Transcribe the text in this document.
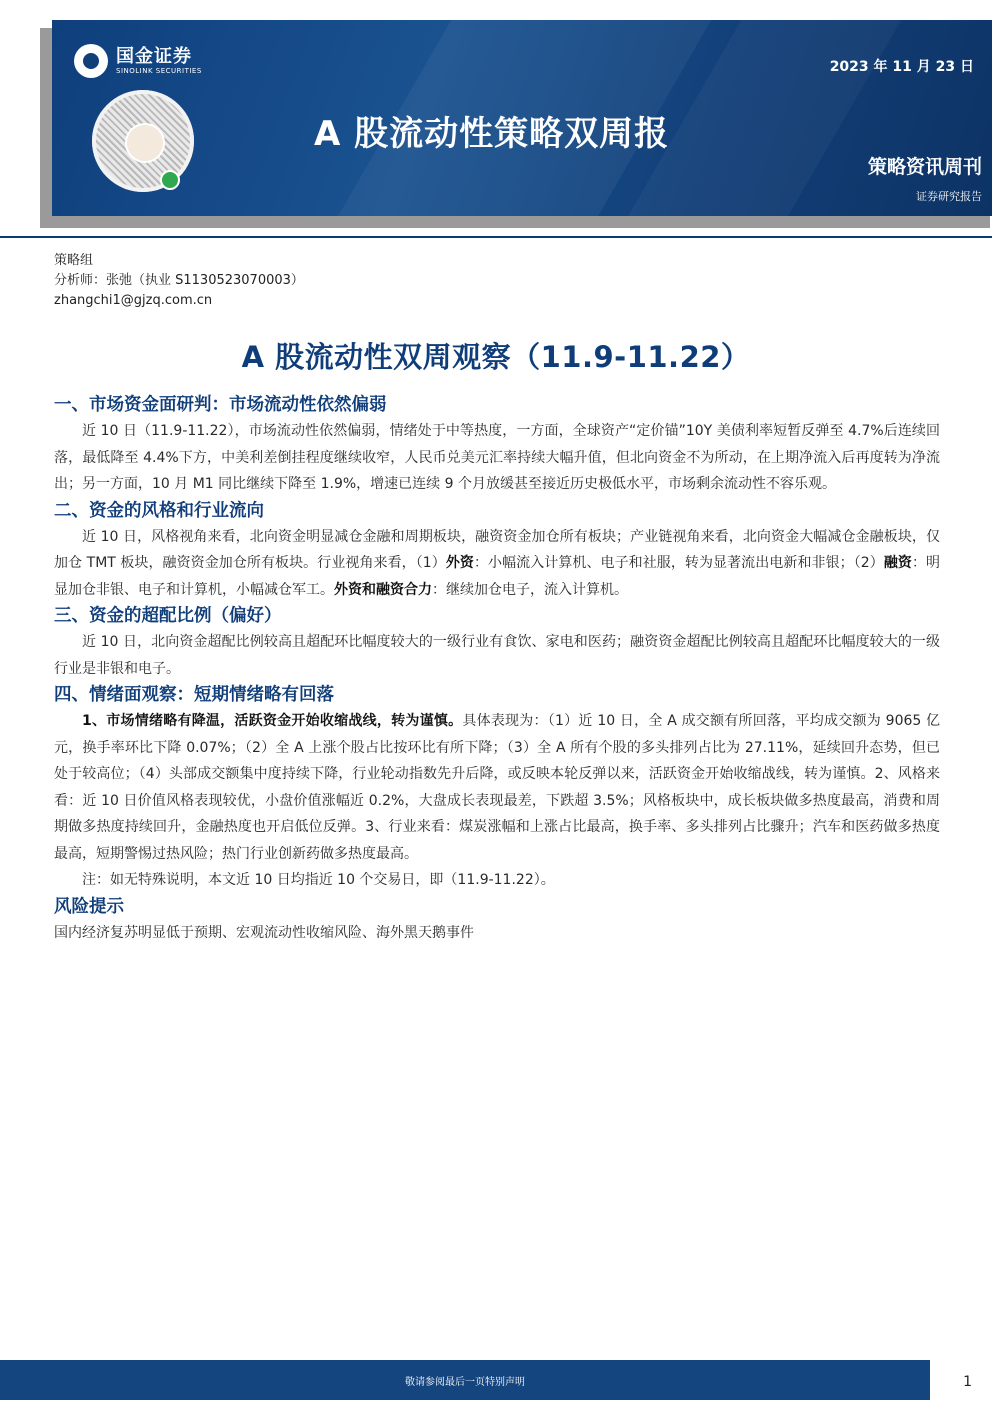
国金证券
SINOLINK SECURITIES	2023 年 11 月 23 日
A 股流动性策略双周报
策略资讯周刊
证券研究报告
策略组
分析师：张弛（执业 S1130523070003）
zhangchi1@gjzq.com.cn
A 股流动性双周观察（11.9-11.22）
一、市场资金面研判：市场流动性依然偏弱

近 10 日（11.9-11.22），市场流动性依然偏弱，情绪处于中等热度，一方面，全球资产“定价锚”10Y 美债利率短暂反弹至 4.7%后连续回落，最低降至 4.4%下方，中美利差倒挂程度继续收窄，人民币兑美元汇率持续大幅升值，但北向资金不为所动，在上期净流入后再度转为净流出；另一方面，10 月 M1 同比继续下降至 1.9%，增速已连续 9 个月放缓甚至接近历史极低水平，市场剩余流动性不容乐观。

二、资金的风格和行业流向

近 10 日，风格视角来看，北向资金明显减仓金融和周期板块，融资资金加仓所有板块；产业链视角来看，北向资金大幅减仓金融板块，仅加仓 TMT 板块，融资资金加仓所有板块。行业视角来看，（1）外资：小幅流入计算机、电子和社服，转为显著流出电新和非银；（2）融资：明显加仓非银、电子和计算机，小幅减仓军工。外资和融资合力：继续加仓电子，流入计算机。

三、资金的超配比例（偏好）

近 10 日，北向资金超配比例较高且超配环比幅度较大的一级行业有食饮、家电和医药；融资资金超配比例较高且超配环比幅度较大的一级行业是非银和电子。

四、情绪面观察：短期情绪略有回落

1、市场情绪略有降温，活跃资金开始收缩战线，转为谨慎。具体表现为：（1）近 10 日，全 A 成交额有所回落，平均成交额为 9065 亿元，换手率环比下降 0.07%；（2）全 A 上涨个股占比按环比有所下降；（3）全 A 所有个股的多头排列占比为 27.11%，延续回升态势，但已处于较高位；（4）头部成交额集中度持续下降，行业轮动指数先升后降，或反映本轮反弹以来，活跃资金开始收缩战线，转为谨慎。2、风格来看：近 10 日价值风格表现较优，小盘价值涨幅近 0.2%，大盘成长表现最差，下跌超 3.5%；风格板块中，成长板块做多热度最高，消费和周期做多热度持续回升，金融热度也开启低位反弹。3、行业来看：煤炭涨幅和上涨占比最高，换手率、多头排列占比骤升；汽车和医药做多热度最高，短期警惕过热风险；热门行业创新药做多热度最高。

注：如无特殊说明，本文近 10 日均指近 10 个交易日，即（11.9-11.22）。

风险提示

国内经济复苏明显低于预期、宏观流动性收缩风险、海外黑天鹅事件

敬请参阅最后一页特别声明	1
